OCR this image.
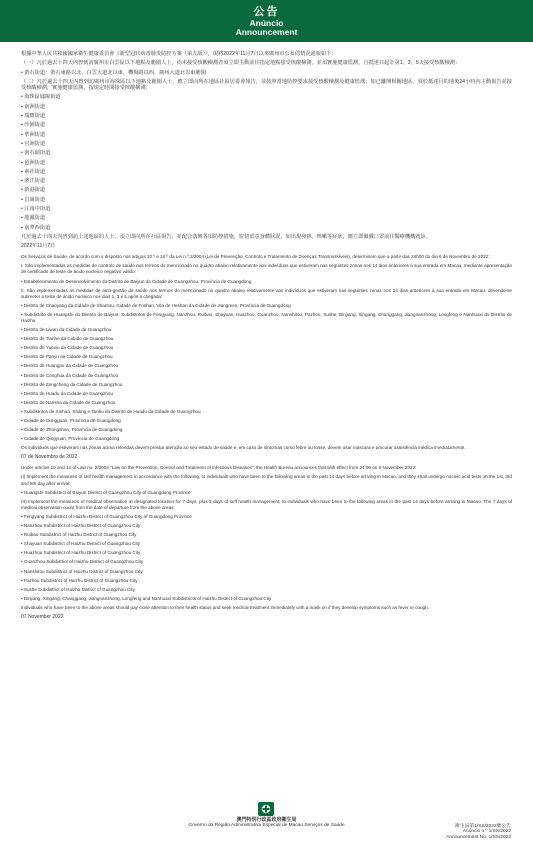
公告
Anúncio
Announcement

根據中華人民共和國國家衛生健康委員會《新型冠狀病毒肺炎防控方案（第九版）》，現將2022年11月7日以來廣州市公布的情況通報如下：

（一）凡於過去十四天內曾到訪廣州市白雲區以下地點及範圍人士，尚未接受核酸檢測者須立即主動前往指定地點接受核酸檢測，並須實施健康監測，自抵達日起計第1、3、5天接受核酸檢測：

• 黃石街道：黃石東路以北、白雲大道北以東、機場路以西、廣州大道北以東範圍

（二）凡於過去十四天內曾到訪廣州市海珠區以下地點及範圍人士，應立即向所在地區社區居委會報告，並按照當地防控要求接受核酸檢測及健康監測；如已離開相關地區，須於抵達目的地後24小時內主動報告並接受核酸檢測，實施健康監測，按規定時間接受核酸檢測：

• 海珠區鳳陽街道

• 南洲街道

• 瑞寶街道

• 沙園街道

• 華洲街道

• 官洲街道

• 南石頭街道

• 琶洲街道

• 素社街道

• 濱江街道

• 新港街道

• 昌崗街道

• 江南中街道

• 龍鳳街道

• 南華西街道

凡於過去十四天內曾到訪上述地區的人士，須立即向所在社區報告，並配合落實各項防控措施，密切留意身體狀況，如出現發熱、咳嗽等症狀，應立即佩戴口罩前往醫療機構就診。

2022年11月7日

Os Serviços de Saúde, de acordo com o disposto nos artigos 10.º e 14.º da Lei n.º 2/2004 (Lei de Prevenção, Controlo e Tratamento de Doenças Transmissíveis), determinam que a partir das 24h00 do dia 6 de Novembro de 2022:

I. São implementadas as medidas de controlo de saúde nos termos do mencionado no quadro abaixo relativamente aos indivíduos que estiveram nas seguintes zonas nos 14 dias anteriores à sua entrada em Macau, mediante apresentação de certificado de teste de ácido nucleico negativo válido:

• Estabelecimento de Desenvolvimento do Distrito de Baiyun da Cidade de Guangzhou, Província de Guangdong

II. São implementadas as medidas de auto-gestão de saúde nos termos do mencionado no quadro abaixo relativamente aos indivíduos que estiveram nas seguintes zonas nos 14 dias anteriores à sua entrada em Macau, devendo-se submeter a teste de ácido nucleico nos dias 1, 3 e 5 após a chegada:

• Distrito de Chaoyang da Cidade de Shantou, Cidade de Foshan, Vila de Heshan da Cidade de Jiangmen, Província de Guangdong

• Subdistrito de Huangshi do Distrito de Baiyun; Subdistritos de Fengyang, Nanzhou, Ruibao, Shayuan, Huazhou, Guanzhou, Nanshitou, Pazhou, Sushe, Binjiang, Xingang, Changgang, Jiangnanzhong, Longfeng e Nanhuaxi do Distrito de Haizhu

• Distrito de Liwan da Cidade de Guangzhou

• Distrito de Tianhe da Cidade de Guangzhou

• Distrito de Yuexiu da Cidade de Guangzhou

• Distrito de Panyu da Cidade de Guangzhou

• Distrito de Huangpu da Cidade de Guangzhou

• Distrito de Conghua da Cidade de Guangzhou

• Distrito de Zengcheng da Cidade de Guangzhou

• Distrito de Huadu da Cidade de Guangzhou

• Distrito de Nansha da Cidade de Guangzhou

• Subdistritos de Xinhua, Shiling e Tanbu do Distrito de Huadu da Cidade de Guangzhou

• Cidade de Dongguan, Província de Guangdong

• Cidade de Zhongshan, Província de Guangdong

• Cidade de Qingyuan, Província de Guangdong

Os indivíduos que estiveram nas zonas acima referidas devem prestar atenção ao seu estado de saúde e, em caso de sintomas como febre ou tosse, devem usar máscara e procurar assistência médica imediatamente.

07 de Novembro de 2022

Under articles 10 and 14 of Law no. 2/2004 "Law on the Prevention, Control and Treatment of Infectious Diseases", the Health Bureau announces that with effect from 24:00 on 6 November 2022:

(I) Implement the measures of self health management in accordance with the following, to individuals who have been to the following areas in the past 14 days before arriving in Macao, and they shall undergo nucleic acid tests on the 1st, 3rd and 5th day after arrival:

• Huangshi Subdistrict of Baiyun District of Guangzhou City of Guangdong Province

(II) Implement the measures of medical observation at designated location for 7 days, plus 3 days of self health management, to individuals who have been to the following areas in the past 14 days before arriving in Macao. The 7 days of medical observation count from the date of departure from the above areas:

• Fengyang Subdistrict of Haizhu District of Guangzhou City of Guangdong Province

• Nanzhou Subdistrict of Haizhu District of Guangzhou City

• Ruibao Subdistrict of Haizhu District of Guangzhou City

• Shayuan Subdistrict of Haizhu District of Guangzhou City

• Huazhou Subdistrict of Haizhu District of Guangzhou City

• Guanzhou Subdistrict of Haizhu District of Guangzhou City

• Nanshitou Subdistrict of Haizhu District of Guangzhou City

• Pazhou Subdistrict of Haizhu District of Guangzhou City

• Sushe Subdistrict of Haizhu District of Guangzhou City

• Binjiang, Xingang, Changgang, Jiangnanzhong, Longfeng and Nanhuaxi Subdistricts of Haizhu District of Guangzhou City

Individuals who have been to the above areas should pay close attention to their health status and seek medical treatment immediately with a mask on if they develop symptoms such as fever or cough.

07 November 2022
澳門特別行政區政府衛生局
Governo da Região Administrativa Especial de Macau Serviços de Saúde	衛生局第1/SS/2022號公告
Anúncio n.º 1/SS/2022
Announcement No. 1/SS/2022
